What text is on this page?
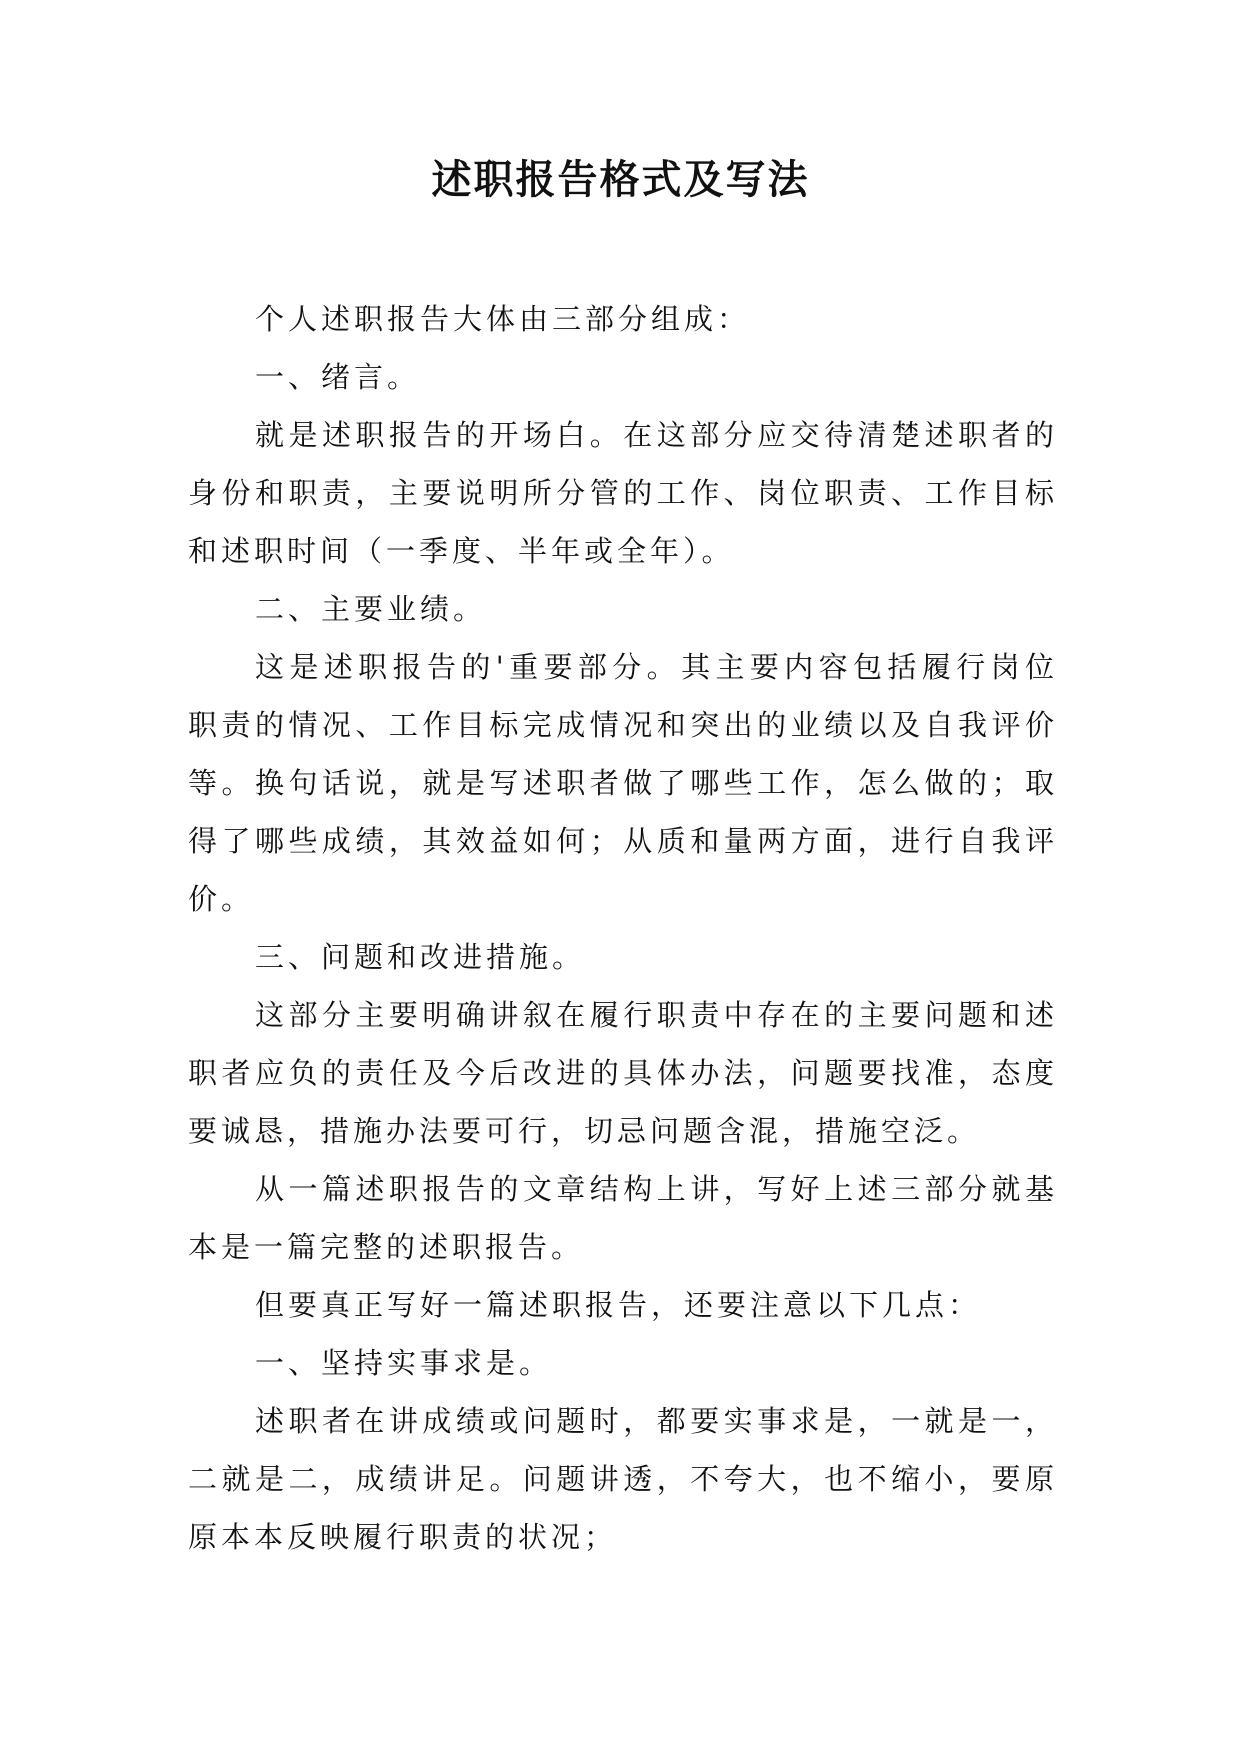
述职报告格式及写法

个人述职报告大体由三部分组成：

一、绪言。

就是述职报告的开场白。在这部分应交待清楚述职者的身份和职责，主要说明所分管的工作、岗位职责、工作目标和述职时间（一季度、半年或全年）。

二、主要业绩。

这是述职报告的'重要部分。其主要内容包括履行岗位职责的情况、工作目标完成情况和突出的业绩以及自我评价等。换句话说，就是写述职者做了哪些工作，怎么做的；取得了哪些成绩，其效益如何；从质和量两方面，进行自我评价。

三、问题和改进措施。

这部分主要明确讲叙在履行职责中存在的主要问题和述职者应负的责任及今后改进的具体办法，问题要找准，态度要诚恳，措施办法要可行，切忌问题含混，措施空泛。

从一篇述职报告的文章结构上讲，写好上述三部分就基本是一篇完整的述职报告。

但要真正写好一篇述职报告，还要注意以下几点：

一、坚持实事求是。

述职者在讲成绩或问题时，都要实事求是，一就是一，二就是二，成绩讲足。问题讲透，不夸大，也不缩小，要原原本本反映履行职责的状况；
